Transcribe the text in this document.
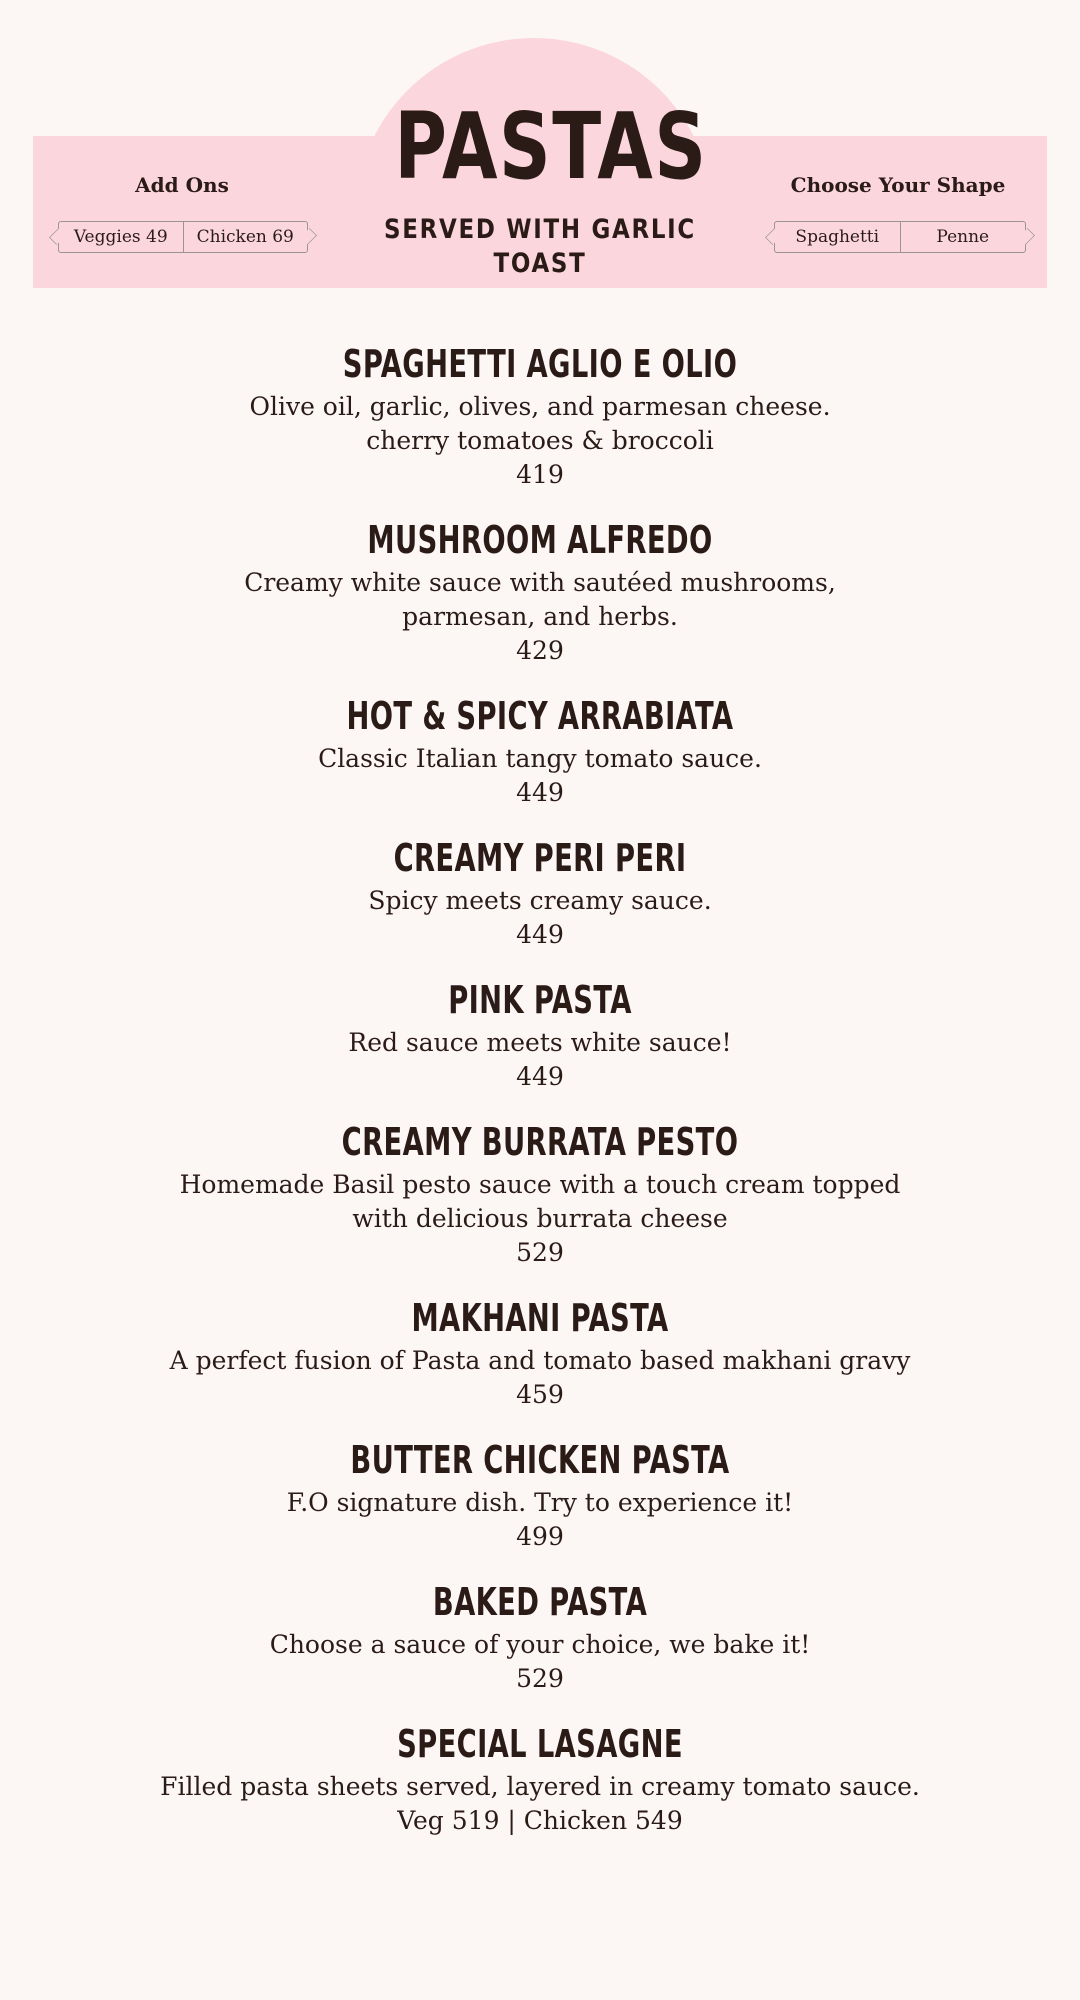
PASTAS
SERVED WITH GARLIC TOAST
Add Ons
Veggies 49	Chicken 69
Choose Your Shape
Spaghetti	Penne
SPAGHETTI AGLIO E OLIO
Olive oil, garlic, olives, and parmesan cheese.
cherry tomatoes & broccoli
419
MUSHROOM ALFREDO
Creamy white sauce with sautéed mushrooms,
parmesan, and herbs.
429
HOT & SPICY ARRABIATA
Classic Italian tangy tomato sauce.
449
CREAMY PERI PERI
Spicy meets creamy sauce.
449
PINK PASTA
Red sauce meets white sauce!
449
CREAMY BURRATA PESTO
Homemade Basil pesto sauce with a touch cream topped
with delicious burrata cheese
529
MAKHANI PASTA
A perfect fusion of Pasta and tomato based makhani gravy
459
BUTTER CHICKEN PASTA
F.O signature dish. Try to experience it!
499
BAKED PASTA
Choose a sauce of your choice, we bake it!
529
SPECIAL LASAGNE
Filled pasta sheets served, layered in creamy tomato sauce.
Veg 519 | Chicken 549
